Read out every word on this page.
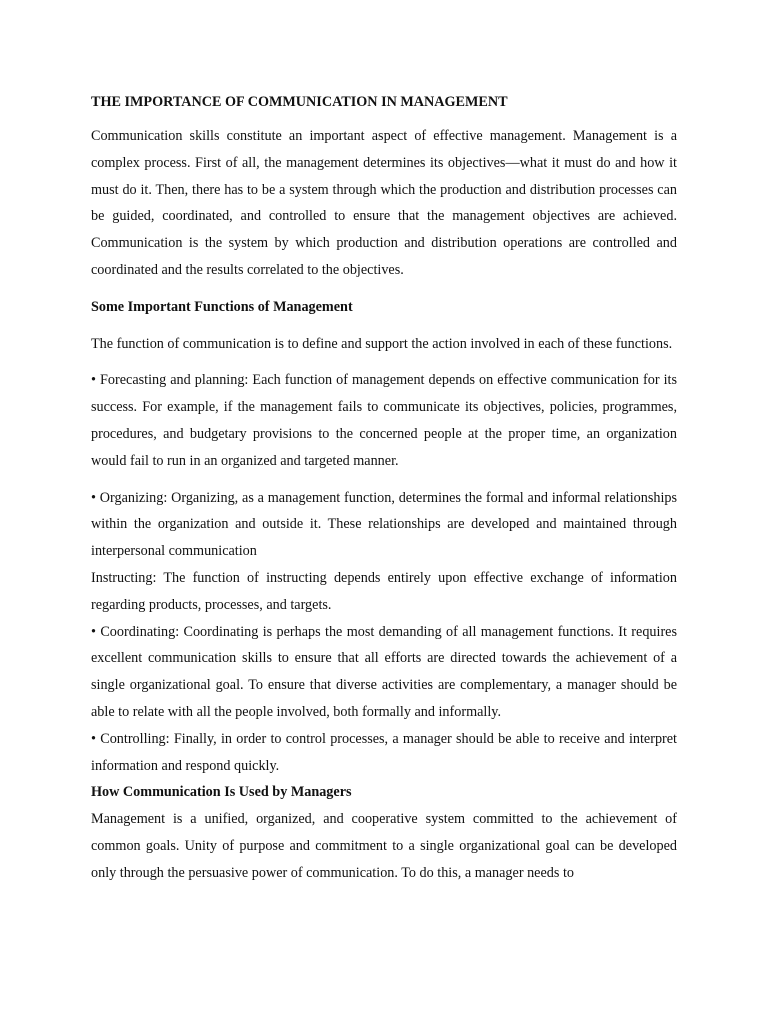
THE IMPORTANCE OF COMMUNICATION IN MANAGEMENT

Communication skills constitute an important aspect of effective management. Management is a complex process. First of all, the management determines its objectives—what it must do and how it must do it. Then, there has to be a system through which the production and distribution processes can be guided, coordinated, and controlled to ensure that the management objectives are achieved. Communication is the system by which production and distribution operations are controlled and coordinated and the results correlated to the objectives.

Some Important Functions of Management

The function of communication is to define and support the action involved in each of these functions.

• Forecasting and planning: Each function of management depends on effective communication for its success. For example, if the management fails to communicate its objectives, policies, programmes, procedures, and budgetary provisions to the concerned people at the proper time, an organization would fail to run in an organized and targeted manner.

• Organizing: Organizing, as a management function, determines the formal and informal relationships within the organization and outside it. These relationships are developed and maintained through interpersonal communication

Instructing: The function of instructing depends entirely upon effective exchange of information regarding products, processes, and targets.

• Coordinating: Coordinating is perhaps the most demanding of all management functions. It requires excellent communication skills to ensure that all efforts are directed towards the achievement of a single organizational goal. To ensure that diverse activities are complementary, a manager should be able to relate with all the people involved, both formally and informally.

• Controlling: Finally, in order to control processes, a manager should be able to receive and interpret information and respond quickly.

How Communication Is Used by Managers

Management is a unified, organized, and cooperative system committed to the achievement of common goals. Unity of purpose and commitment to a single organizational goal can be developed only through the persuasive power of communication. To do this, a manager needs to
